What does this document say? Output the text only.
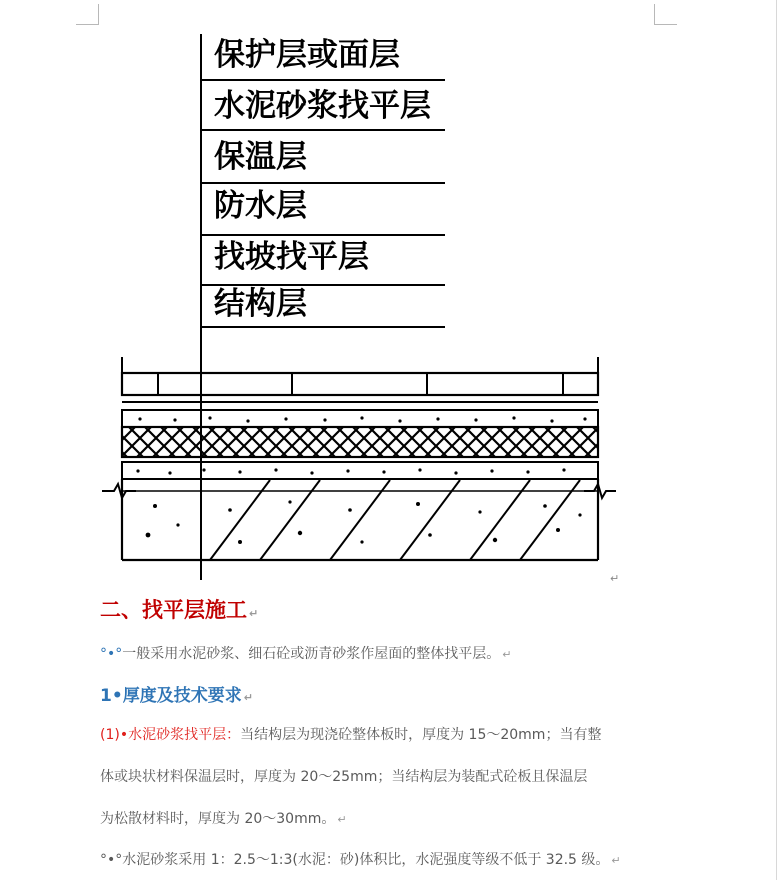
保护层或面层
水泥砂浆找平层
保温层
防水层
找坡找平层
结构层
↵
二、找平层施工 ↵

°•°一般采用水泥砂浆、细石砼或沥青砂浆作屋面的整体找平层。 ↵

1•厚度及技术要求 ↵

(1)•水泥砂浆找平层：当结构层为现浇砼整体板时，厚度为 15～20mm；当有整

体或块状材料保温层时，厚度为 20～25mm；当结构层为装配式砼板且保温层

为松散材料时，厚度为 20～30mm。 ↵

°•°水泥砂浆采用 1：2.5～1:3(水泥：砂)体积比，水泥强度等级不低于 32.5 级。 ↵
